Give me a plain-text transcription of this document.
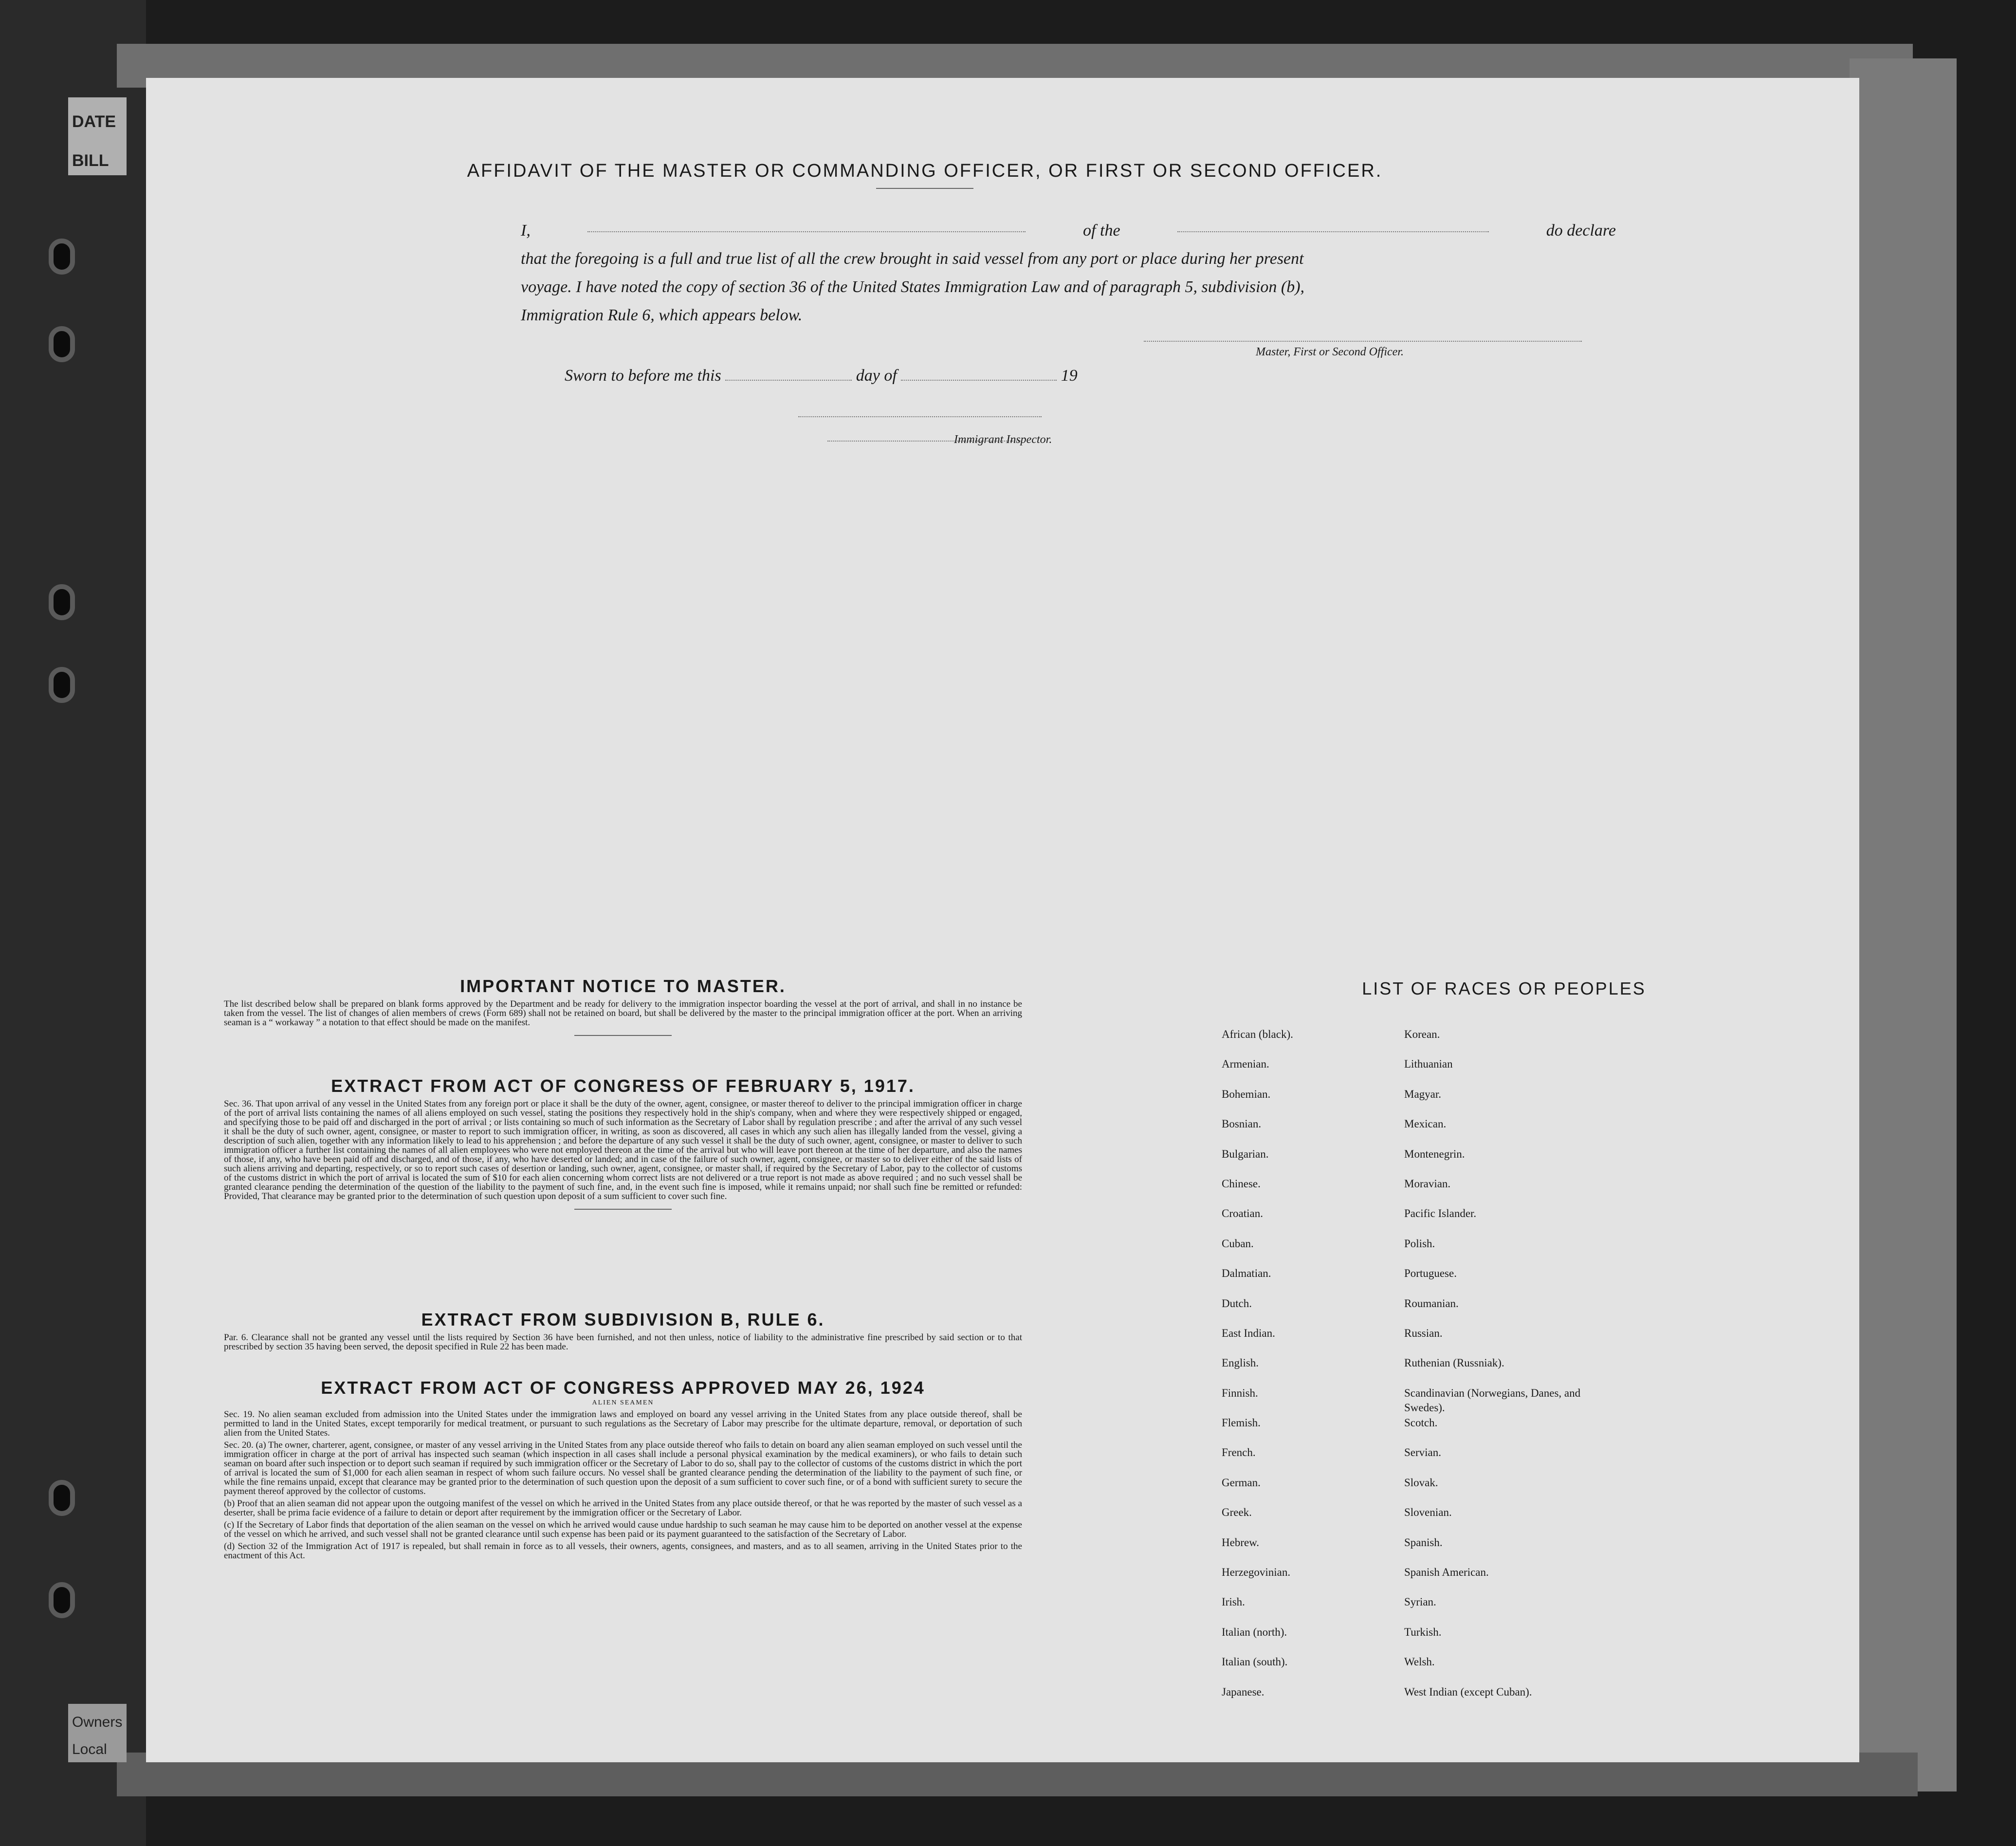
DATE
BILL
Owners
Local
AFFIDAVIT OF THE MASTER OR COMMANDING OFFICER, OR FIRST OR SECOND OFFICER.
I,	of the	do declare
that the foregoing is a full and true list of all the crew brought in said vessel from any port or place during her present
voyage. I have noted the copy of section 36 of the United States Immigration Law and of paragraph 5, subdivision (b),
Immigration Rule 6, which appears below.
Master, First or Second Officer.
Sworn to before me this	day of	19
Immigrant Inspector.
IMPORTANT NOTICE TO MASTER.

The list described below shall be prepared on blank forms approved by the Department and be ready for delivery to the immigration inspector boarding the vessel at the port of arrival, and shall in no instance be taken from the vessel. The list of changes of alien members of crews (Form 689) shall not be retained on board, but shall be delivered by the master to the principal immigration officer at the port. When an arriving seaman is a “ workaway ” a notation to that effect should be made on the manifest.

EXTRACT FROM ACT OF CONGRESS OF FEBRUARY 5, 1917.

Sec. 36. That upon arrival of any vessel in the United States from any foreign port or place it shall be the duty of the owner, agent, consignee, or master thereof to deliver to the principal immigration officer in charge of the port of arrival lists containing the names of all aliens employed on such vessel, stating the positions they respectively hold in the ship's company, when and where they were respectively shipped or engaged, and specifying those to be paid off and discharged in the port of arrival ; or lists containing so much of such information as the Secretary of Labor shall by regulation prescribe ; and after the arrival of any such vessel it shall be the duty of such owner, agent, consignee, or master to report to such immigration officer, in writing, as soon as discovered, all cases in which any such alien has illegally landed from the vessel, giving a description of such alien, together with any information likely to lead to his apprehension ; and before the departure of any such vessel it shall be the duty of such owner, agent, consignee, or master to deliver to such immigration officer a further list containing the names of all alien employees who were not employed thereon at the time of the arrival but who will leave port thereon at the time of her departure, and also the names of those, if any, who have been paid off and discharged, and of those, if any, who have deserted or landed; and in case of the failure of such owner, agent, consignee, or master so to deliver either of the said lists of such aliens arriving and departing, respectively, or so to report such cases of desertion or landing, such owner, agent, consignee, or master shall, if required by the Secretary of Labor, pay to the collector of customs of the customs district in which the port of arrival is located the sum of $10 for each alien concerning whom correct lists are not delivered or a true report is not made as above required ; and no such vessel shall be granted clearance pending the determination of the question of the liability to the payment of such fine, and, in the event such fine is imposed, while it remains unpaid; nor shall such fine be remitted or refunded: Provided, That clearance may be granted prior to the determination of such question upon deposit of a sum sufficient to cover such fine.

EXTRACT FROM SUBDIVISION B, RULE 6.

Par. 6. Clearance shall not be granted any vessel until the lists required by Section 36 have been furnished, and not then unless, notice of liability to the administrative fine prescribed by said section or to that prescribed by section 35 having been served, the deposit specified in Rule 22 has been made.

EXTRACT FROM ACT OF CONGRESS APPROVED MAY 26, 1924

ALIEN SEAMEN

Sec. 19. No alien seaman excluded from admission into the United States under the immigration laws and employed on board any vessel arriving in the United States from any place outside thereof, shall be permitted to land in the United States, except temporarily for medical treatment, or pursuant to such regulations as the Secretary of Labor may prescribe for the ultimate departure, removal, or deportation of such alien from the United States.

Sec. 20. (a) The owner, charterer, agent, consignee, or master of any vessel arriving in the United States from any place outside thereof who fails to detain on board any alien seaman employed on such vessel until the immigration officer in charge at the port of arrival has inspected such seaman (which inspection in all cases shall include a personal physical examination by the medical examiners), or who fails to detain such seaman on board after such inspection or to deport such seaman if required by such immigration officer or the Secretary of Labor to do so, shall pay to the collector of customs of the customs district in which the port of arrival is located the sum of $1,000 for each alien seaman in respect of whom such failure occurs. No vessel shall be granted clearance pending the determination of the liability to the payment of such fine, or while the fine remains unpaid, except that clearance may be granted prior to the determination of such question upon the deposit of a sum sufficient to cover such fine, or of a bond with sufficient surety to secure the payment thereof approved by the collector of customs.

(b) Proof that an alien seaman did not appear upon the outgoing manifest of the vessel on which he arrived in the United States from any place outside thereof, or that he was reported by the master of such vessel as a deserter, shall be prima facie evidence of a failure to detain or deport after requirement by the immigration officer or the Secretary of Labor.

(c) If the Secretary of Labor finds that deportation of the alien seaman on the vessel on which he arrived would cause undue hardship to such seaman he may cause him to be deported on another vessel at the expense of the vessel on which he arrived, and such vessel shall not be granted clearance until such expense has been paid or its payment guaranteed to the satisfaction of the Secretary of Labor.

(d) Section 32 of the Immigration Act of 1917 is repealed, but shall remain in force as to all vessels, their owners, agents, consignees, and masters, and as to all seamen, arriving in the United States prior to the enactment of this Act.

LIST OF RACES OR PEOPLES
African (black).
Armenian.
Bohemian.
Bosnian.
Bulgarian.
Chinese.
Croatian.
Cuban.
Dalmatian.
Dutch.
East Indian.
English.
Finnish.
Flemish.
French.
German.
Greek.
Hebrew.
Herzegovinian.
Irish.
Italian (north).
Italian (south).
Japanese.
Korean.
Lithuanian
Magyar.
Mexican.
Montenegrin.
Moravian.
Pacific Islander.
Polish.
Portuguese.
Roumanian.
Russian.
Ruthenian (Russniak).
Scandinavian (Norwegians, Danes, and Swedes).
Scotch.
Servian.
Slovak.
Slovenian.
Spanish.
Spanish American.
Syrian.
Turkish.
Welsh.
West Indian (except Cuban).
